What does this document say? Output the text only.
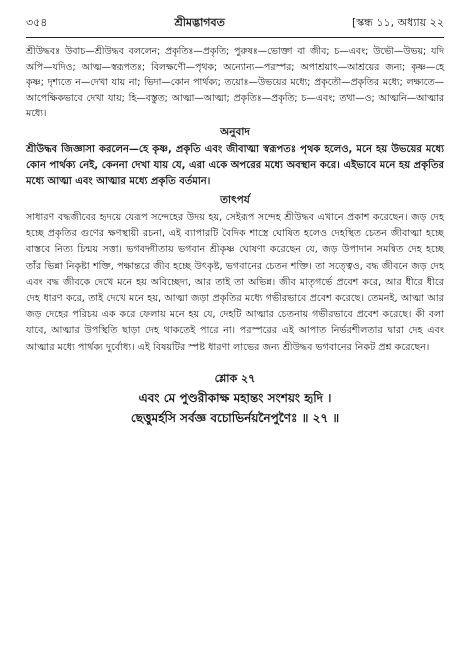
৩৫৪	শ্রীমদ্ভাগবত	[স্কন্ধ ১১, অধ্যায় ২২

শ্রীউদ্ধবঃ উবাচ—শ্রীউদ্ধব বললেন; প্রকৃতিঃ—প্রকৃতি; পুরুষঃ—ভোক্তা বা জীব; চ—এবং; উভৌ—উভয়; যদি অপি—যদিও; আত্ম—স্বরূপতঃ; বিলক্ষণৌ—পৃথক; অন্যোন্য—পরস্পর; অপাশ্রয়াৎ—আশ্রয়ের জন্য; কৃষ্ণ—হে কৃষ্ণ; দৃশ্যতে ন—দেখা যায় না; ভিদা—কোন পার্থক্য; তয়োঃ—উভয়ের মধ্যে; প্রকৃতৌ—প্রকৃতির মধ্যে; লক্ষ্যতে—আপেক্ষিকভাবে দেখা যায়; হি—বস্তুত; আত্মা—আত্মা; প্রকৃতিঃ—প্রকৃতি; চ—এবং; তথা—ও; আত্মনি—আত্মার মধ্যে।

অনুবাদ

শ্রীউদ্ধব জিজ্ঞাসা করলেন—হে কৃষ্ণ, প্রকৃতি এবং জীবাত্মা স্বরূপতঃ পৃথক হলেও, মনে হয় উভয়ের মধ্যে কোন পার্থক্য নেই, কেননা দেখা যায় যে, এরা একে অপরের মধ্যে অবস্থান করে। এইভাবে মনে হয় প্রকৃতির মধ্যে আত্মা এবং আত্মার মধ্যে প্রকৃতি বর্তমান।

তাৎপর্য

সাধারণ বদ্ধজীবের হৃদয়ে যেরূপ সন্দেহের উদয় হয়, সেইরূপ সন্দেহ শ্রীউদ্ধব এখানে প্রকাশ করেছেন। জড় দেহ হচ্ছে প্রকৃতির গুণের ক্ষণস্থায়ী রচনা, এই ব্যাপারটি বৈদিক শাস্ত্রে ঘোষিত হলেও দেহস্থিত চেতন জীবাত্মা হচ্ছে বাস্তবে নিত্য চিন্ময় সত্তা। ভগবদ্গীতায় ভগবান শ্রীকৃষ্ণ ঘোষণা করেছেন যে, জড় উপাদান সমন্বিত দেহ হচ্ছে তাঁর ভিন্না নিকৃষ্টা শক্তি, পক্ষান্তরে জীব হচ্ছে উৎকৃষ্ট, ভগবানের চেতন শক্তি। তা সত্ত্বেও, বদ্ধ জীবনে জড় দেহ এবং বদ্ধ জীবকে দেখে মনে হয় অবিচ্ছেদ্য, আর তাই তা অভিন্ন। জীব মাতৃগর্ভে প্রবেশ করে, আর ধীরে ধীরে দেহ ধারণ করে, তাই দেখে মনে হয়, আত্মা জড়া প্রকৃতির মধ্যে গভীরভাবে প্রবেশ করেছে। তেমনই, আত্মা আর জড় দেহের পরিচয় এক করে ফেলায় মনে হয় যে, দেহটি আত্মার চেতনায় গভীরভাবে প্রবেশ করেছে। কী বলা যাবে, আত্মার উপস্থিতি ছাড়া দেহ থাকতেই পারে না। পরস্পরের এই আপাত নির্ভরশীলতার দ্বারা দেহ এবং আত্মার মধ্যে পার্থক্য দুর্বোধ্য। এই বিষয়টির স্পষ্ট ধারণা লাভের জন্য শ্রীউদ্ধব ভগবানের নিকট প্রশ্ন করেছেন।

শ্লোক ২৭

এবং মে পুণ্ডরীকাক্ষ মহান্তং সংশয়ং হৃদি ।

ছেত্তুমর্হসি সর্বজ্ঞ বচোভির্নয়নৈপুণৈঃ ॥ ২৭ ॥
